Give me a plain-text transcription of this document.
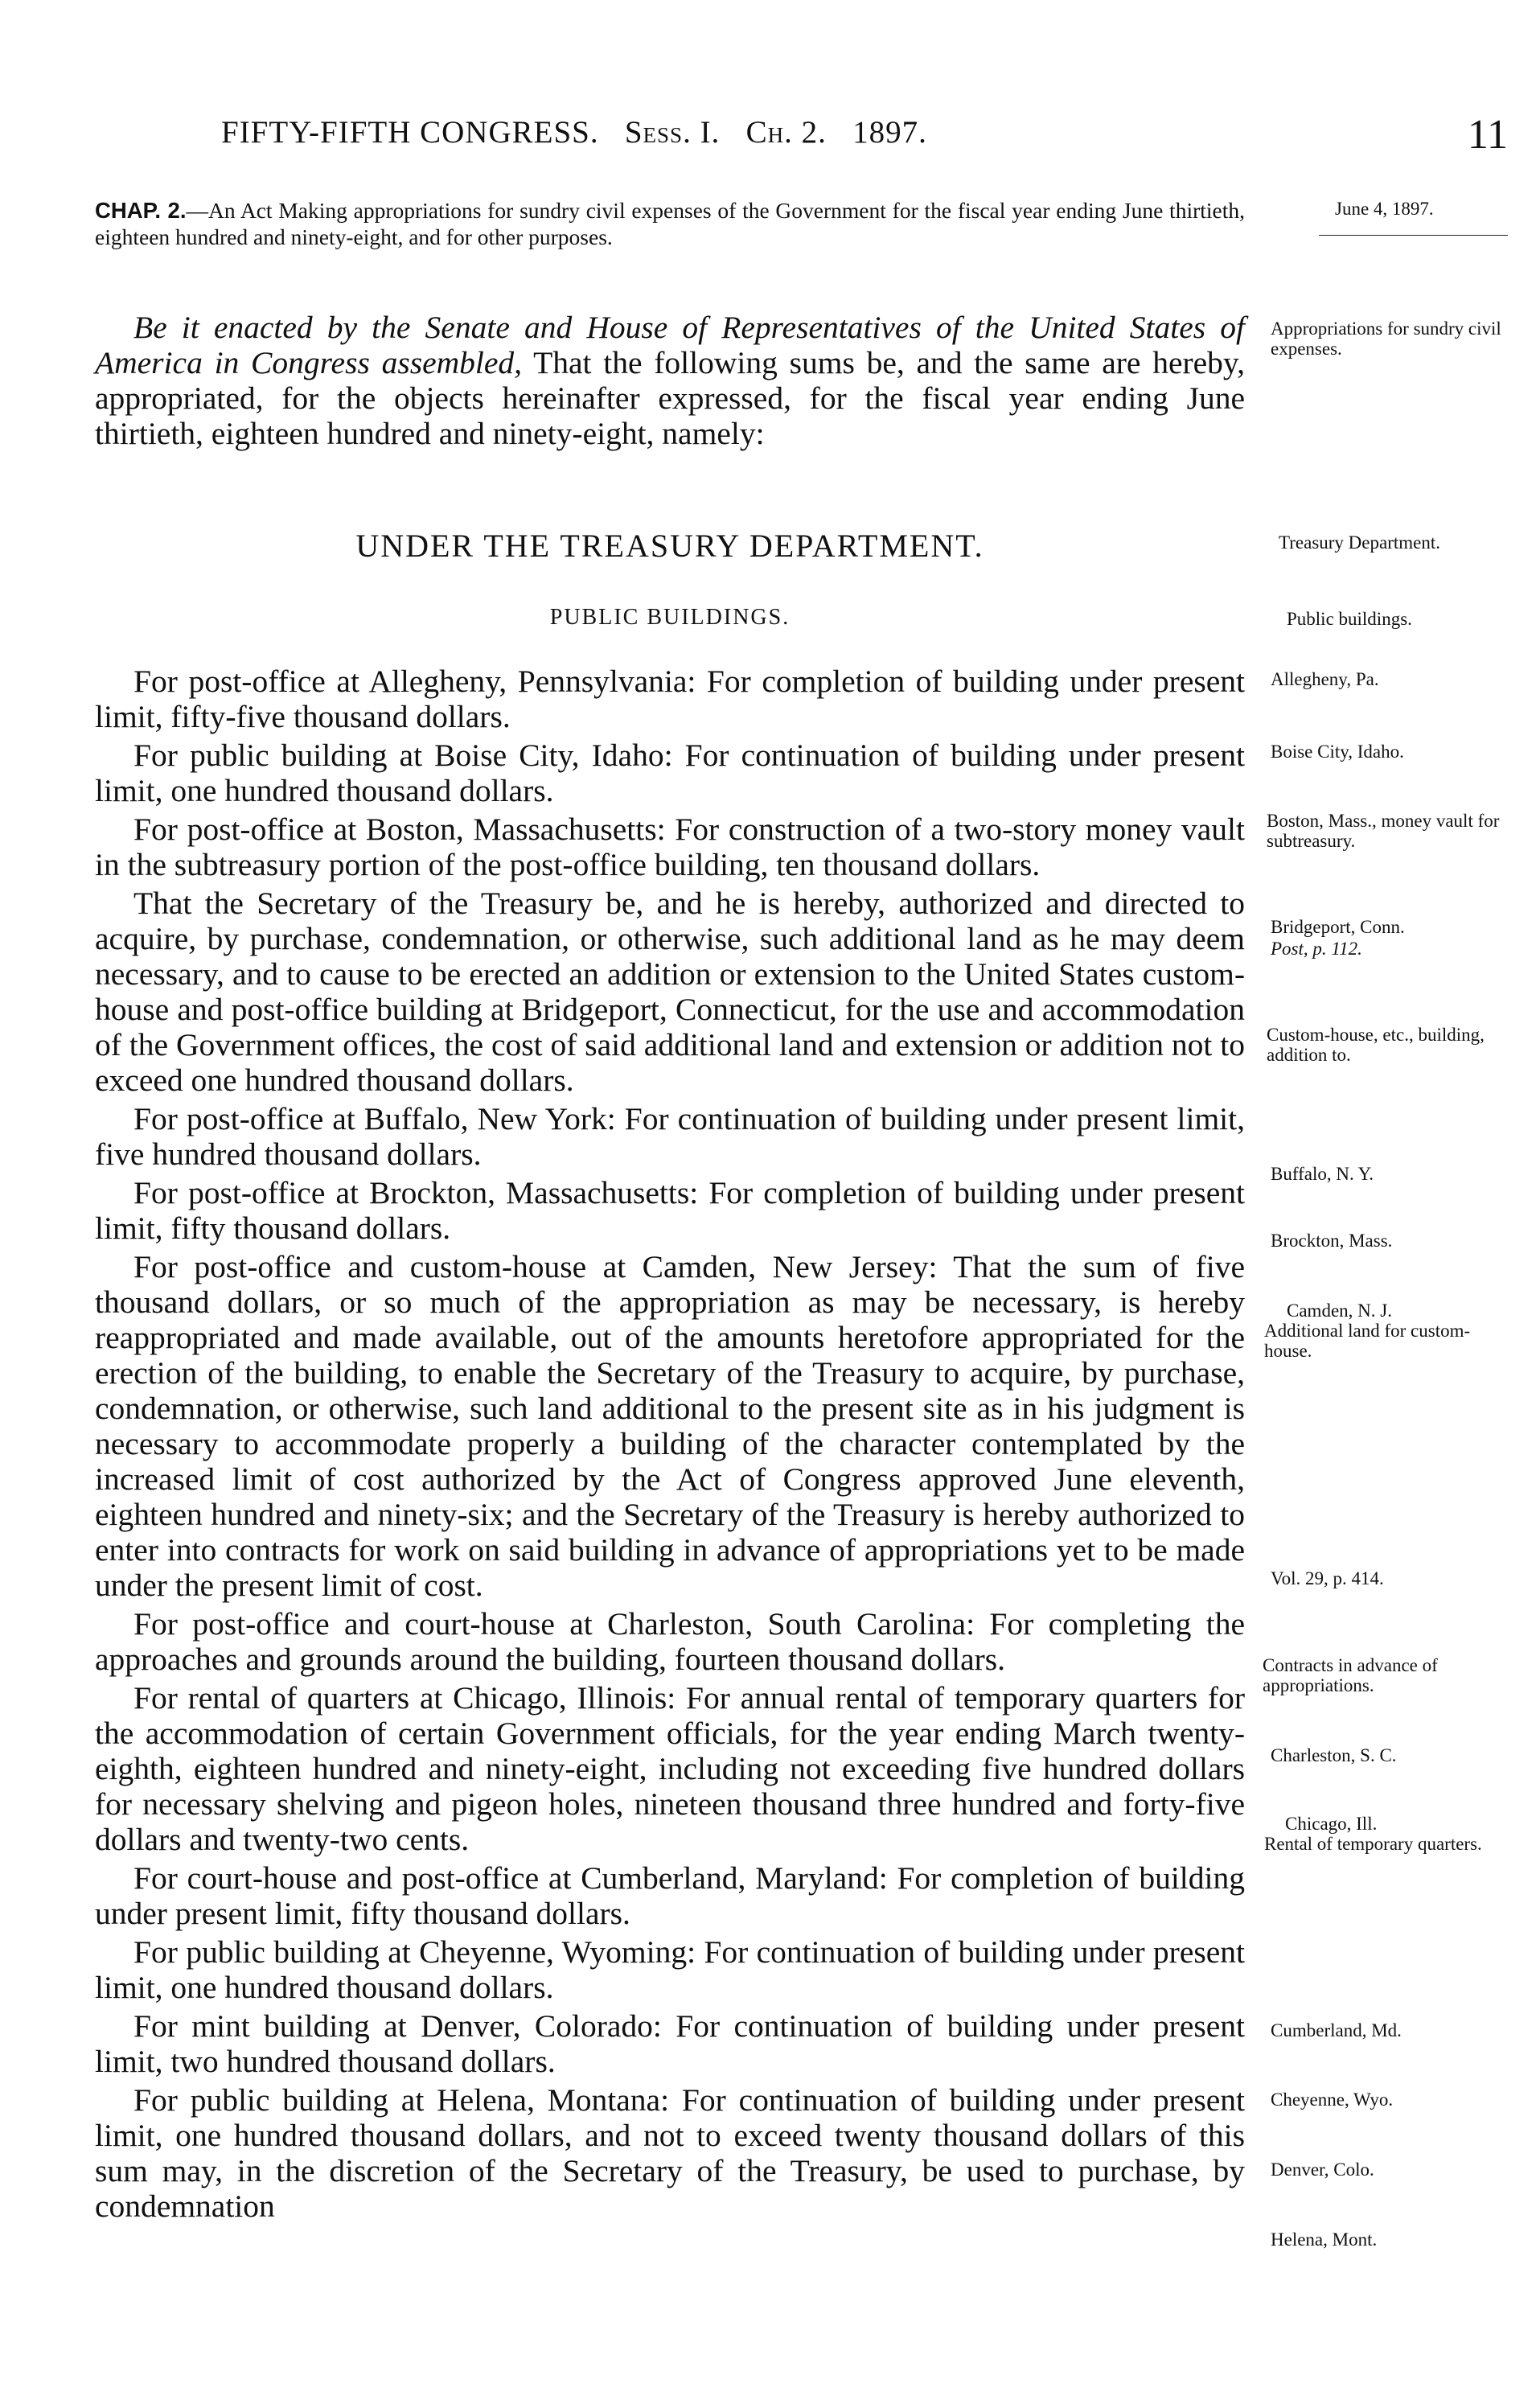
FIFTY-FIFTH CONGRESS. Sess. I. Ch. 2. 1897.	11
CHAP. 2.—An Act Making appropriations for sundry civil expenses of the Government for the fiscal year ending June thirtieth, eighteen hundred and ninety-eight, and for other purposes.
June 4, 1897.
Be it enacted by the Senate and House of Representatives of the United States of America in Congress assembled, That the following sums be, and the same are hereby, appropriated, for the objects hereinafter expressed, for the fiscal year ending June thirtieth, eighteen hundred and ninety-eight, namely:
Appropriations for sundry civil expenses.
UNDER THE TREASURY DEPARTMENT.	Treasury Department.
PUBLIC BUILDINGS.	Public buildings.

For post-office at Allegheny, Pennsylvania: For completion of building under present limit, fifty-five thousand dollars.

For public building at Boise City, Idaho: For continuation of building under present limit, one hundred thousand dollars.

For post-office at Boston, Massachusetts: For construction of a two-story money vault in the subtreasury portion of the post-office building, ten thousand dollars.

That the Secretary of the Treasury be, and he is hereby, authorized and directed to acquire, by purchase, condemnation, or otherwise, such additional land as he may deem necessary, and to cause to be erected an addition or extension to the United States custom-house and post-office building at Bridgeport, Connecticut, for the use and accommodation of the Government offices, the cost of said additional land and extension or addition not to exceed one hundred thousand dollars.

For post-office at Buffalo, New York: For continuation of building under present limit, five hundred thousand dollars.

For post-office at Brockton, Massachusetts: For completion of building under present limit, fifty thousand dollars.

For post-office and custom-house at Camden, New Jersey: That the sum of five thousand dollars, or so much of the appropriation as may be necessary, is hereby reappropriated and made available, out of the amounts heretofore appropriated for the erection of the building, to enable the Secretary of the Treasury to acquire, by purchase, condemnation, or otherwise, such land additional to the present site as in his judgment is necessary to accommodate properly a building of the character contemplated by the increased limit of cost authorized by the Act of Congress approved June eleventh, eighteen hundred and ninety-six; and the Secretary of the Treasury is hereby authorized to enter into contracts for work on said building in advance of appropriations yet to be made under the present limit of cost.

For post-office and court-house at Charleston, South Carolina: For completing the approaches and grounds around the building, fourteen thousand dollars.

For rental of quarters at Chicago, Illinois: For annual rental of temporary quarters for the accommodation of certain Government officials, for the year ending March twenty-eighth, eighteen hundred and ninety-eight, including not exceeding five hundred dollars for necessary shelving and pigeon holes, nineteen thousand three hundred and forty-five dollars and twenty-two cents.

For court-house and post-office at Cumberland, Maryland: For completion of building under present limit, fifty thousand dollars.

For public building at Cheyenne, Wyoming: For continuation of building under present limit, one hundred thousand dollars.

For mint building at Denver, Colorado: For continuation of building under present limit, two hundred thousand dollars.

For public building at Helena, Montana: For continuation of building under present limit, one hundred thousand dollars, and not to exceed twenty thousand dollars of this sum may, in the discretion of the Secretary of the Treasury, be used to purchase, by condemnation

Allegheny, Pa.
Boise City, Idaho.
Boston, Mass., money vault for subtreasury.
Bridgeport, Conn.
Post, p. 112.
Custom-house, etc., building, addition to.
Buffalo, N. Y.
Brockton, Mass.
Camden, N. J.
Additional land for custom-house.
Vol. 29, p. 414.
Contracts in advance of appropriations.
Charleston, S. C.
Chicago, Ill.
Rental of temporary quarters.
Cumberland, Md.
Cheyenne, Wyo.
Denver, Colo.
Helena, Mont.
